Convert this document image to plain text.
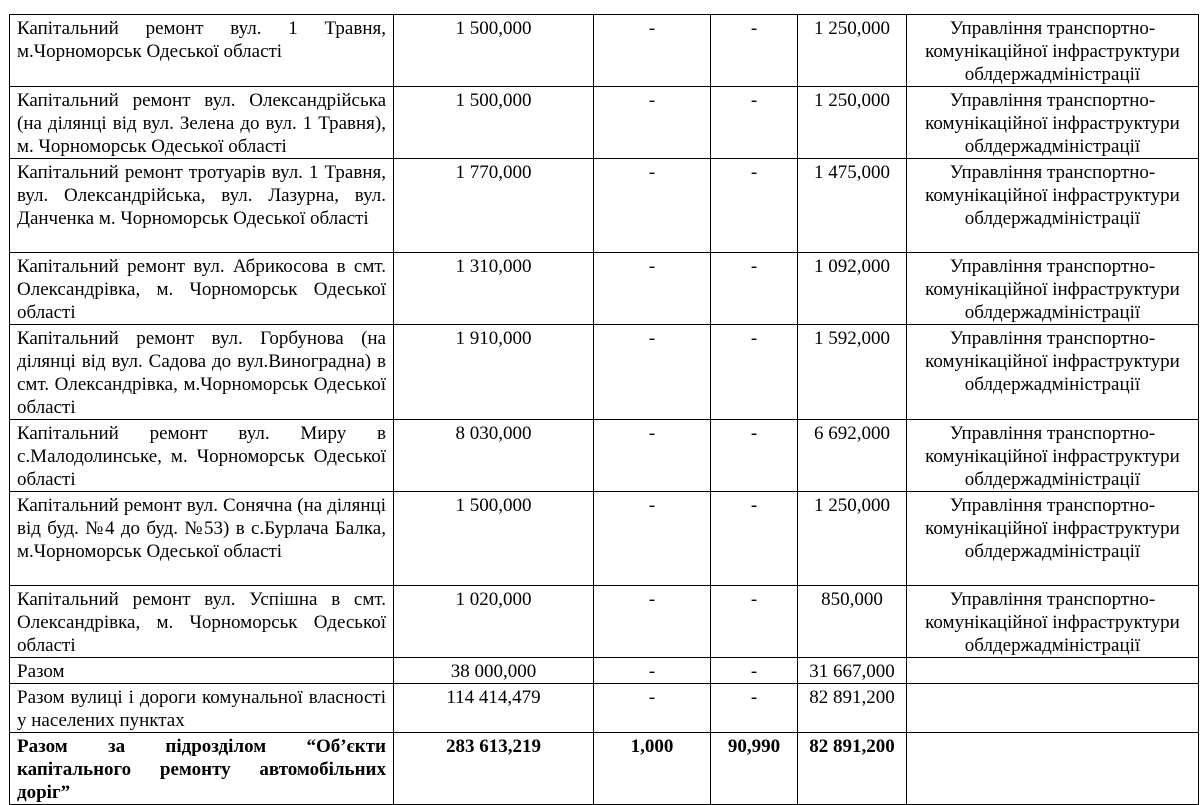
Капітальний ремонт вул. 1 Травня, м.Чорноморськ Одеської області	1 500,000	-	-	1 250,000	Управління транспортно-комунікаційної інфраструктури облдержадміністрації
Капітальний ремонт вул. Олександрійська (на ділянці від вул. Зелена до вул. 1 Травня), м. Чорноморськ Одеської області	1 500,000	-	-	1 250,000	Управління транспортно-комунікаційної інфраструктури облдержадміністрації
Капітальний ремонт тротуарів вул. 1 Травня, вул. Олександрійська, вул. Лазурна, вул. Данченка м. Чорноморськ Одеської області	1 770,000	-	-	1 475,000	Управління транспортно-комунікаційної інфраструктури облдержадміністрації
Капітальний ремонт вул. Абрикосова в смт. Олександрівка, м. Чорноморськ Одеської області	1 310,000	-	-	1 092,000	Управління транспортно-комунікаційної інфраструктури облдержадміністрації
Капітальний ремонт вул. Горбунова (на ділянці від вул. Садова до вул.Виноградна) в смт. Олександрівка, м.Чорноморськ Одеської області	1 910,000	-	-	1 592,000	Управління транспортно-комунікаційної інфраструктури облдержадміністрації
Капітальний ремонт вул. Миру в с.Малодолинське, м. Чорноморськ Одеської області	8 030,000	-	-	6 692,000	Управління транспортно-комунікаційної інфраструктури облдержадміністрації
Капітальний ремонт вул. Сонячна (на ділянці від буд. №4 до буд. №53) в с.Бурлача Балка, м.Чорноморськ Одеської області	1 500,000	-	-	1 250,000	Управління транспортно-комунікаційної інфраструктури облдержадміністрації
Капітальний ремонт вул. Успішна в смт. Олександрівка, м. Чорноморськ Одеської області	1 020,000	-	-	850,000	Управління транспортно-комунікаційної інфраструктури облдержадміністрації
Разом	38 000,000	-	-	31 667,000	
Разом вулиці і дороги комунальної власності у населених пунктах	114 414,479	-	-	82 891,200	
Разом за підрозділом “Об’єкти капітального ремонту автомобільних доріг”	283 613,219	1,000	90,990	82 891,200	
